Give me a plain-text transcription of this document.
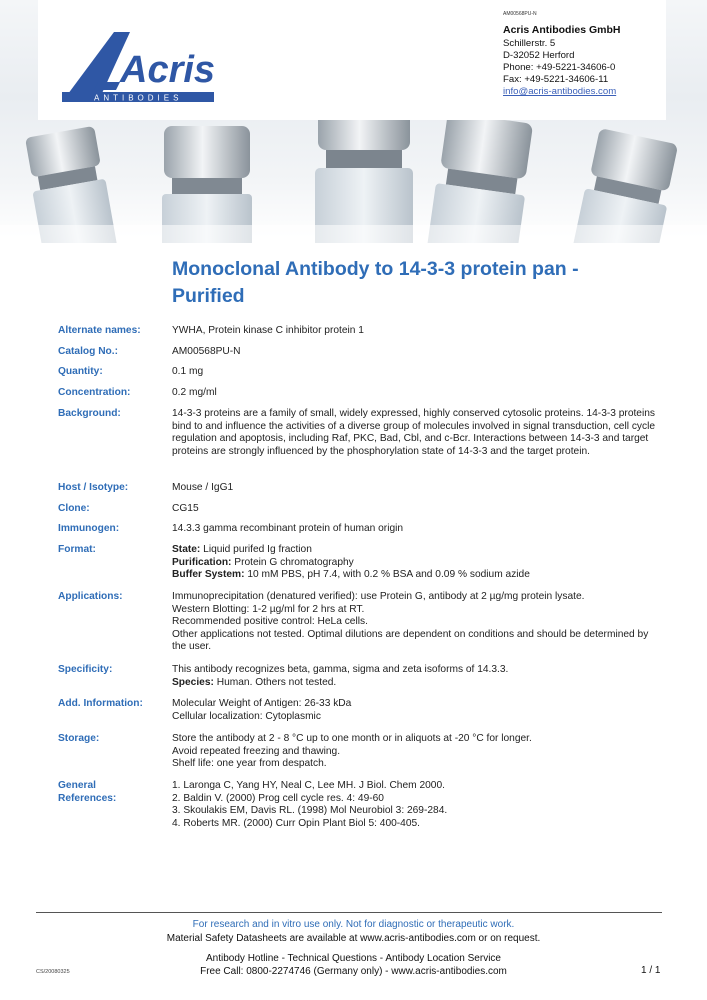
Acris
ANTIBODIES
AM00568PU-N
Acris Antibodies GmbH
Schillerstr. 5
D-32052 Herford
Phone: +49-5221-34606-0
Fax: +49-5221-34606-11
info@acris-antibodies.com
Monoclonal Antibody to 14-3-3 protein pan - Purified
Alternate names:	YWHA, Protein kinase C inhibitor protein 1
Catalog No.:	AM00568PU-N
Quantity:	0.1 mg
Concentration:	0.2 mg/ml
Background:	14-3-3 proteins are a family of small, widely expressed, highly conserved cytosolic proteins. 14-3-3 proteins bind to and influence the activities of a diverse group of molecules involved in signal transduction, cell cycle regulation and apoptosis, including Raf, PKC, Bad, Cbl, and c-Bcr. Interactions between 14-3-3 and target proteins are strongly influenced by the phosphorylation state of 14-3-3 and the target protein.
Host / Isotype:	Mouse / IgG1
Clone:	CG15
Immunogen:	14.3.3 gamma recombinant protein of human origin
Format:	State: Liquid purifed Ig fraction
Purification: Protein G chromatography
Buffer System: 10 mM PBS, pH 7.4, with 0.2 % BSA and 0.09 % sodium azide
Applications:	Immunoprecipitation (denatured verified): use Protein G, antibody at 2 µg/mg protein lysate.
Western Blotting: 1-2 µg/ml for 2 hrs at RT.
Recommended positive control: HeLa cells.
Other applications not tested. Optimal dilutions are dependent on conditions and should be determined by the user.
Specificity:	This antibody recognizes beta, gamma, sigma and zeta isoforms of 14.3.3.
Species: Human. Others not tested.
Add. Information:	Molecular Weight of Antigen: 26-33 kDa
Cellular localization: Cytoplasmic
Storage:	Store the antibody at 2 - 8 °C up to one month or in aliquots at -20 °C for longer.
Avoid repeated freezing and thawing.
Shelf life: one year from despatch.
General References:
1. Laronga C, Yang HY, Neal C, Lee MH. J Biol. Chem 2000.
2. Baldin V. (2000) Prog cell cycle res. 4: 49-60
3. Skoulakis EM, Davis RL. (1998) Mol Neurobiol 3: 269-284.
4. Roberts MR. (2000) Curr Opin Plant Biol 5: 400-405.
For research and in vitro use only. Not for diagnostic or therapeutic work.
Material Safety Datasheets are available at www.acris-antibodies.com or on request.
Antibody Hotline - Technical Questions - Antibody Location Service
Free Call: 0800-2274746 (Germany only) - www.acris-antibodies.com
CS/20080325	1 / 1
